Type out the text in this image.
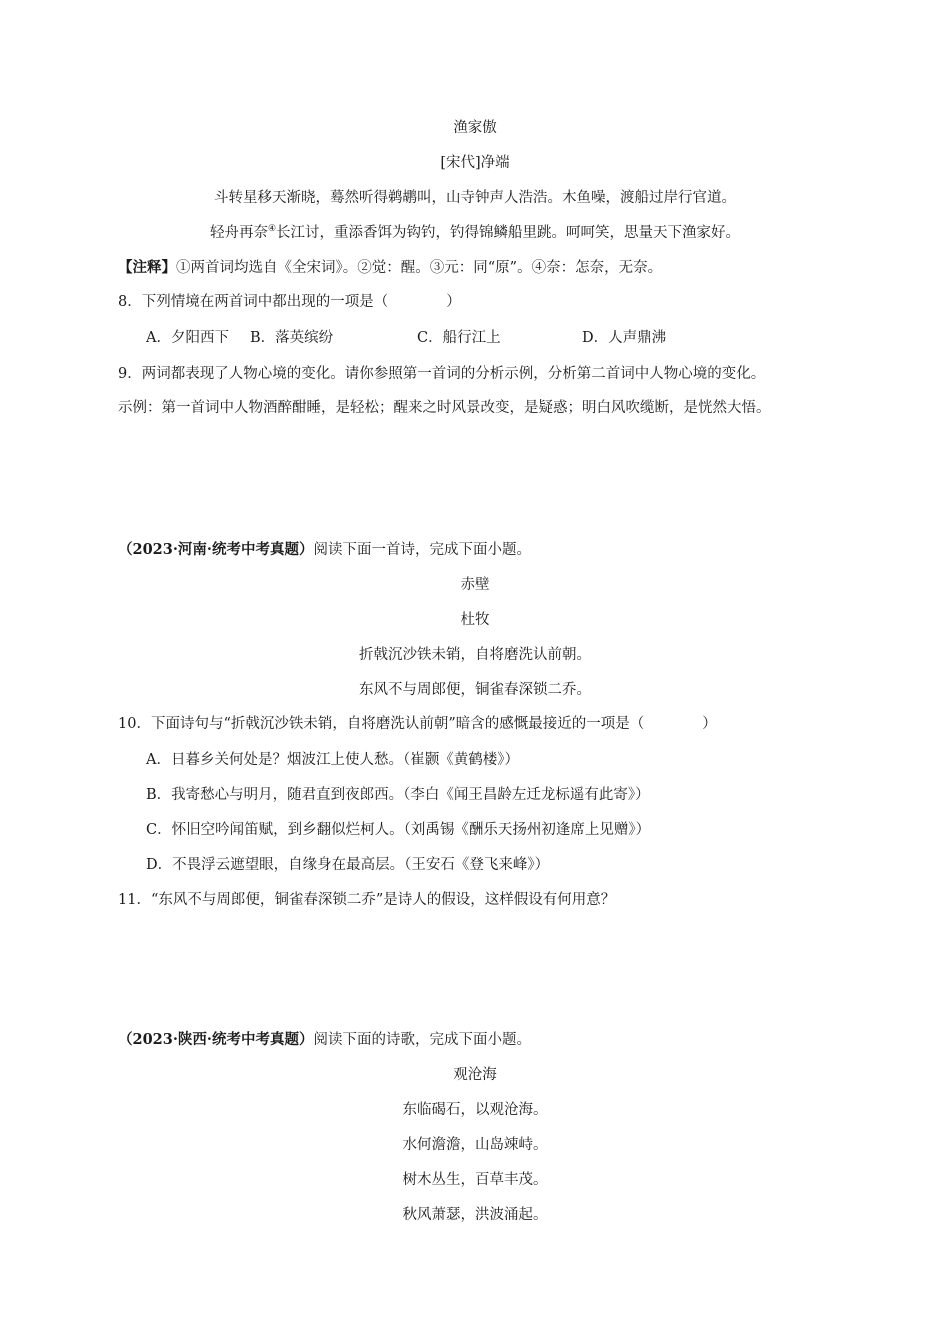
渔家傲
[宋代]净端
斗转星移天渐晓，蓦然听得鹈鹕叫，山寺钟声人浩浩。木鱼噪，渡船过岸行官道。
轻舟再奈④长江讨，重添香饵为钩钓，钓得锦鳞船里跳。呵呵笑，思量天下渔家好。
【注释】①两首词均选自《全宋词》。②觉：醒。③元：同“原”。④奈：怎奈，无奈。
8．下列情境在两首词中都出现的一项是（　　　　）
A．夕阳西下 B．落英缤纷	C．船行江上	D．人声鼎沸
9．两词都表现了人物心境的变化。请你参照第一首词的分析示例，分析第二首词中人物心境的变化。
示例：第一首词中人物酒醉酣睡，是轻松；醒来之时风景改变，是疑惑；明白风吹缆断，是恍然大悟。
（2023·河南·统考中考真题）阅读下面一首诗，完成下面小题。
赤壁
杜牧
折戟沉沙铁未销，自将磨洗认前朝。
东风不与周郎便，铜雀春深锁二乔。
10．下面诗句与“折戟沉沙铁未销，自将磨洗认前朝”暗含的感慨最接近的一项是（　　　　）
A．日暮乡关何处是？烟波江上使人愁。（崔颢《黄鹤楼》）
B．我寄愁心与明月，随君直到夜郎西。（李白《闻王昌龄左迁龙标遥有此寄》）
C．怀旧空吟闻笛赋，到乡翻似烂柯人。（刘禹锡《酬乐天扬州初逢席上见赠》）
D．不畏浮云遮望眼，自缘身在最高层。（王安石《登飞来峰》）
11．“东风不与周郎便，铜雀春深锁二乔”是诗人的假设，这样假设有何用意？
（2023·陕西·统考中考真题）阅读下面的诗歌，完成下面小题。
观沧海
东临碣石，以观沧海。
水何澹澹，山岛竦峙。
树木丛生，百草丰茂。
秋风萧瑟，洪波涌起。
